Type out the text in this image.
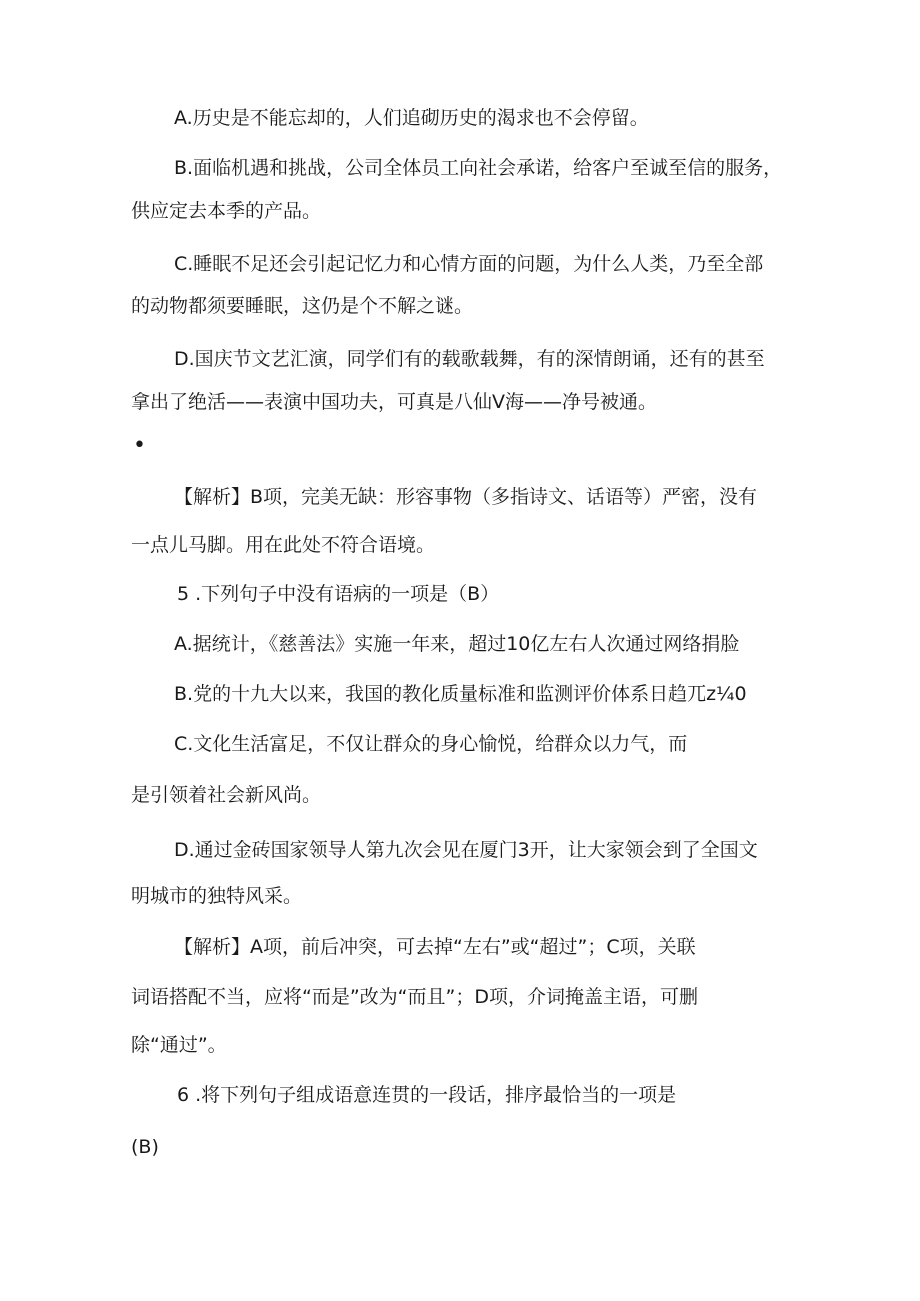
A.历史是不能忘却的，人们追砌历史的渴求也不会停留。
B.面临机遇和挑战，公司全体员工向社会承诺，给客户至诚至信的服务，
供应定去本季的产品。
C.睡眠不足还会引起记忆力和心情方面的问题，为什么人类，乃至全部
的动物都须要睡眠，这仍是个不解之谜。
D.国庆节文艺汇演，同学们有的载歌载舞，有的深情朗诵，还有的甚至
拿出了绝活——表演中国功夫，可真是八仙V海——净号被通。
•
【解析】B项，完美无缺：形容事物（多指诗文、话语等）严密，没有
一点儿马脚。用在此处不符合语境。
5 .下列句子中没有语病的一项是（B）
A.据统计，《慈善法》实施一年来，超过10亿左右人次通过网络捐脸
B.党的十九大以来，我国的教化质量标准和监测评价体系日趋兀z¼0
C.文化生活富足，不仅让群众的身心愉悦，给群众以力气，而
是引领着社会新风尚。
D.通过金砖国家领导人第九次会见在厦门3开，让大家领会到了全国文
明城市的独特风采。
【解析】A项，前后冲突，可去掉“左右”或“超过”；C项，关联
词语搭配不当，应将“而是”改为“而且”；D项，介词掩盖主语，可删
除“通过”。
6 .将下列句子组成语意连贯的一段话，排序最恰当的一项是
(B)
